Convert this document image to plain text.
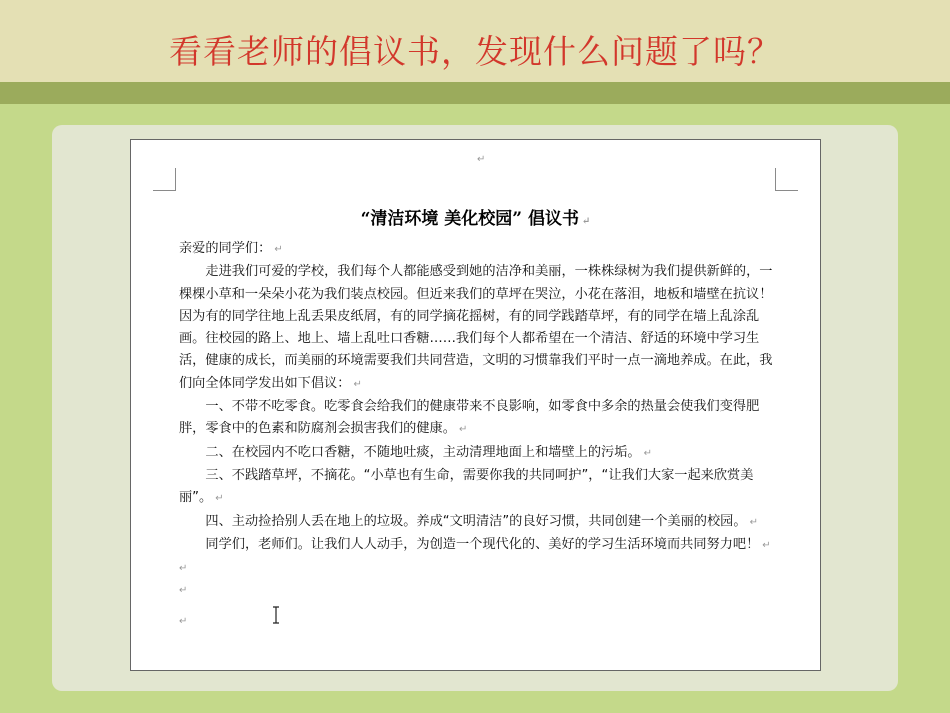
看看老师的倡议书，发现什么问题了吗？
↵
“清洁环境 美化校园” 倡议书 ↵

亲爱的同学们： ↵

走进我们可爱的学校，我们每个人都能感受到她的洁净和美丽，一株株绿树为我们提供新鲜的，一棵棵小草和一朵朵小花为我们装点校园。但近来我们的草坪在哭泣，小花在落泪，地板和墙壁在抗议！因为有的同学往地上乱丢果皮纸屑，有的同学摘花摇树，有的同学践踏草坪，有的同学在墙上乱涂乱画。往校园的路上、地上、墙上乱吐口香糖……我们每个人都希望在一个清洁、舒适的环境中学习生活，健康的成长，而美丽的环境需要我们共同营造，文明的习惯靠我们平时一点一滴地养成。在此，我们向全体同学发出如下倡议： ↵

一、不带不吃零食。吃零食会给我们的健康带来不良影响，如零食中多余的热量会使我们变得肥胖，零食中的色素和防腐剂会损害我们的健康。 ↵

二、在校园内不吃口香糖，不随地吐痰，主动清理地面上和墙壁上的污垢。 ↵

三、不践踏草坪，不摘花。“小草也有生命，需要你我的共同呵护”，“让我们大家一起来欣赏美丽”。 ↵

四、主动捡拾别人丢在地上的垃圾。养成“文明清洁”的良好习惯，共同创建一个美丽的校园。 ↵

同学们，老师们。让我们人人动手，为创造一个现代化的、美好的学习生活环境而共同努力吧！ ↵

↵
↵
↵
